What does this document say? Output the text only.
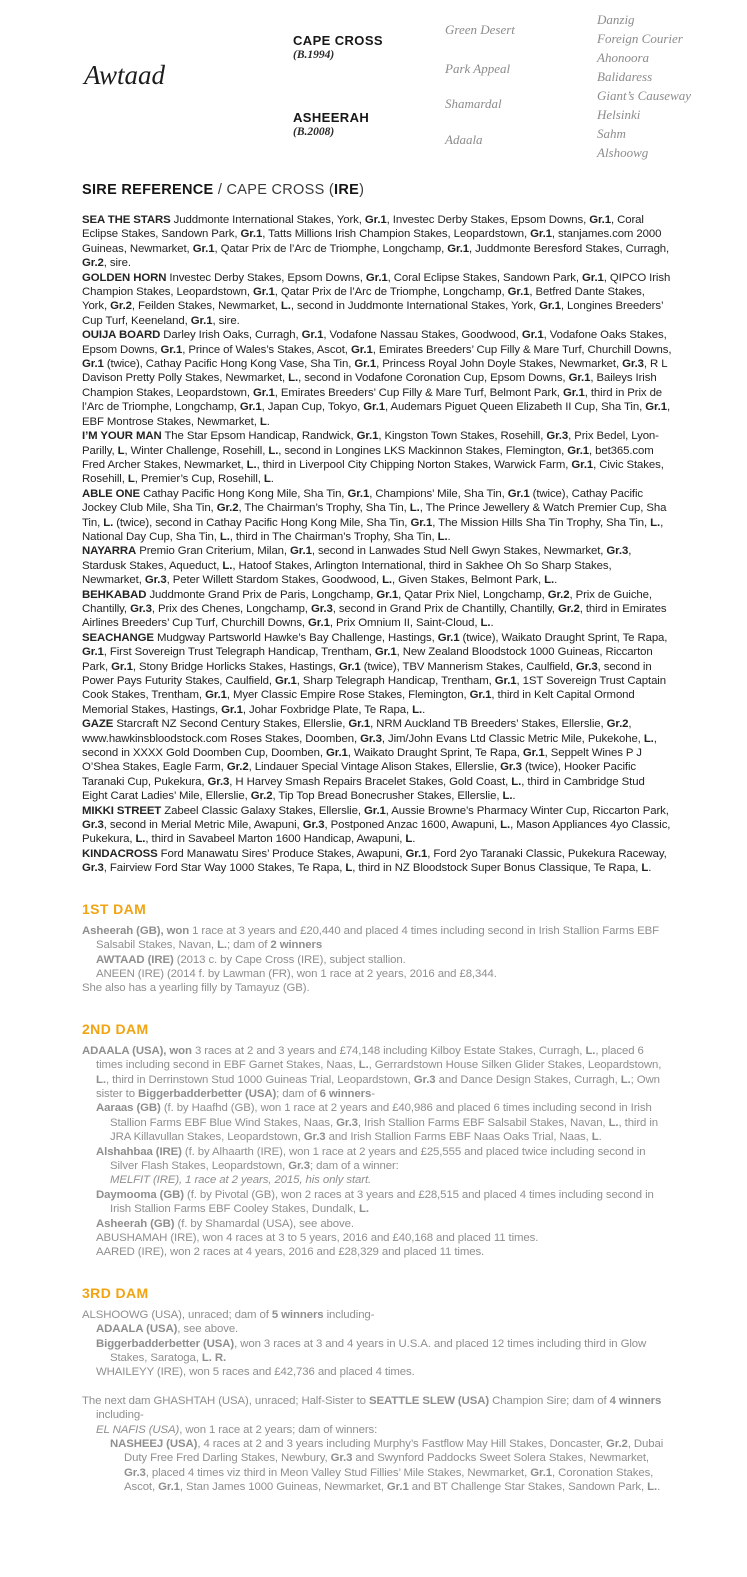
Awtaad
CAPE CROSS
(B.1994)
ASHEERAH
(B.2008)
Green Desert
Park Appeal
Shamardal
Adaala
Danzig
Foreign Courier
Ahonoora
Balidaress
Giant’s Causeway
Helsinki
Sahm
Alshoowg
SIRE REFERENCE / CAPE CROSS (IRE)

SEA THE STARS Juddmonte International Stakes, York, Gr.1, Investec Derby Stakes, Epsom Downs, Gr.1, Coral Eclipse Stakes, Sandown Park, Gr.1, Tatts Millions Irish Champion Stakes, Leopardstown, Gr.1, stanjames.com 2000 Guineas, Newmarket, Gr.1, Qatar Prix de l’Arc de Triomphe, Longchamp, Gr.1, Juddmonte Beresford Stakes, Curragh, Gr.2, sire.

GOLDEN HORN Investec Derby Stakes, Epsom Downs, Gr.1, Coral Eclipse Stakes, Sandown Park, Gr.1, QIPCO Irish Champion Stakes, Leopardstown, Gr.1, Qatar Prix de l’Arc de Triomphe, Longchamp, Gr.1, Betfred Dante Stakes, York, Gr.2, Feilden Stakes, Newmarket, L., second in Juddmonte International Stakes, York, Gr.1, Longines Breeders’ Cup Turf, Keeneland, Gr.1, sire.

OUIJA BOARD Darley Irish Oaks, Curragh, Gr.1, Vodafone Nassau Stakes, Goodwood, Gr.1, Vodafone Oaks Stakes, Epsom Downs, Gr.1, Prince of Wales’s Stakes, Ascot, Gr.1, Emirates Breeders’ Cup Filly & Mare Turf, Churchill Downs, Gr.1 (twice), Cathay Pacific Hong Kong Vase, Sha Tin, Gr.1, Princess Royal John Doyle Stakes, Newmarket, Gr.3, R L Davison Pretty Polly Stakes, Newmarket, L., second in Vodafone Coronation Cup, Epsom Downs, Gr.1, Baileys Irish Champion Stakes, Leopardstown, Gr.1, Emirates Breeders’ Cup Filly & Mare Turf, Belmont Park, Gr.1, third in Prix de l’Arc de Triomphe, Longchamp, Gr.1, Japan Cup, Tokyo, Gr.1, Audemars Piguet Queen Elizabeth II Cup, Sha Tin, Gr.1, EBF Montrose Stakes, Newmarket, L.

I’M YOUR MAN The Star Epsom Handicap, Randwick, Gr.1, Kingston Town Stakes, Rosehill, Gr.3, Prix Bedel, Lyon-Parilly, L, Winter Challenge, Rosehill, L., second in Longines LKS Mackinnon Stakes, Flemington, Gr.1, bet365.com Fred Archer Stakes, Newmarket, L., third in Liverpool City Chipping Norton Stakes, Warwick Farm, Gr.1, Civic Stakes, Rosehill, L, Premier’s Cup, Rosehill, L.

ABLE ONE Cathay Pacific Hong Kong Mile, Sha Tin, Gr.1, Champions’ Mile, Sha Tin, Gr.1 (twice), Cathay Pacific Jockey Club Mile, Sha Tin, Gr.2, The Chairman’s Trophy, Sha Tin, L., The Prince Jewellery & Watch Premier Cup, Sha Tin, L. (twice), second in Cathay Pacific Hong Kong Mile, Sha Tin, Gr.1, The Mission Hills Sha Tin Trophy, Sha Tin, L., National Day Cup, Sha Tin, L., third in The Chairman’s Trophy, Sha Tin, L..

NAYARRA Premio Gran Criterium, Milan, Gr.1, second in Lanwades Stud Nell Gwyn Stakes, Newmarket, Gr.3, Stardusk Stakes, Aqueduct, L., Hatoof Stakes, Arlington International, third in Sakhee Oh So Sharp Stakes, Newmarket, Gr.3, Peter Willett Stardom Stakes, Goodwood, L., Given Stakes, Belmont Park, L..

BEHKABAD Juddmonte Grand Prix de Paris, Longchamp, Gr.1, Qatar Prix Niel, Longchamp, Gr.2, Prix de Guiche, Chantilly, Gr.3, Prix des Chenes, Longchamp, Gr.3, second in Grand Prix de Chantilly, Chantilly, Gr.2, third in Emirates Airlines Breeders’ Cup Turf, Churchill Downs, Gr.1, Prix Omnium II, Saint-Cloud, L..

SEACHANGE Mudgway Partsworld Hawke’s Bay Challenge, Hastings, Gr.1 (twice), Waikato Draught Sprint, Te Rapa, Gr.1, First Sovereign Trust Telegraph Handicap, Trentham, Gr.1, New Zealand Bloodstock 1000 Guineas, Riccarton Park, Gr.1, Stony Bridge Horlicks Stakes, Hastings, Gr.1 (twice), TBV Mannerism Stakes, Caulfield, Gr.3, second in Power Pays Futurity Stakes, Caulfield, Gr.1, Sharp Telegraph Handicap, Trentham, Gr.1, 1ST Sovereign Trust Captain Cook Stakes, Trentham, Gr.1, Myer Classic Empire Rose Stakes, Flemington, Gr.1, third in Kelt Capital Ormond Memorial Stakes, Hastings, Gr.1, Johar Foxbridge Plate, Te Rapa, L..

GAZE Starcraft NZ Second Century Stakes, Ellerslie, Gr.1, NRM Auckland TB Breeders’ Stakes, Ellerslie, Gr.2, www.hawkinsbloodstock.com Roses Stakes, Doomben, Gr.3, Jim/John Evans Ltd Classic Metric Mile, Pukekohe, L., second in XXXX Gold Doomben Cup, Doomben, Gr.1, Waikato Draught Sprint, Te Rapa, Gr.1, Seppelt Wines P J O’Shea Stakes, Eagle Farm, Gr.2, Lindauer Special Vintage Alison Stakes, Ellerslie, Gr.3 (twice), Hooker Pacific Taranaki Cup, Pukekura, Gr.3, H Harvey Smash Repairs Bracelet Stakes, Gold Coast, L., third in Cambridge Stud Eight Carat Ladies’ Mile, Ellerslie, Gr.2, Tip Top Bread Bonecrusher Stakes, Ellerslie, L..

MIKKI STREET Zabeel Classic Galaxy Stakes, Ellerslie, Gr.1, Aussie Browne’s Pharmacy Winter Cup, Riccarton Park, Gr.3, second in Merial Metric Mile, Awapuni, Gr.3, Postponed Anzac 1600, Awapuni, L., Mason Appliances 4yo Classic, Pukekura, L., third in Savabeel Marton 1600 Handicap, Awapuni, L.

KINDACROSS Ford Manawatu Sires’ Produce Stakes, Awapuni, Gr.1, Ford 2yo Taranaki Classic, Pukekura Raceway, Gr.3, Fairview Ford Star Way 1000 Stakes, Te Rapa, L, third in NZ Bloodstock Super Bonus Classique, Te Rapa, L.

1ST DAM

Asheerah (GB), won 1 race at 3 years and £20,440 and placed 4 times including second in Irish Stallion Farms EBF Salsabil Stakes, Navan, L.; dam of 2 winners

AWTAAD (IRE) (2013 c. by Cape Cross (IRE), subject stallion.

ANEEN (IRE) (2014 f. by Lawman (FR), won 1 race at 2 years, 2016 and £8,344.

She also has a yearling filly by Tamayuz (GB).

2ND DAM

ADAALA (USA), won 3 races at 2 and 3 years and £74,148 including Kilboy Estate Stakes, Curragh, L., placed 6 times including second in EBF Garnet Stakes, Naas, L., Gerrardstown House Silken Glider Stakes, Leopardstown, L., third in Derrinstown Stud 1000 Guineas Trial, Leopardstown, Gr.3 and Dance Design Stakes, Curragh, L.; Own sister to Biggerbadderbetter (USA); dam of 6 winners-

Aaraas (GB) (f. by Haafhd (GB), won 1 race at 2 years and £40,986 and placed 6 times including second in Irish Stallion Farms EBF Blue Wind Stakes, Naas, Gr.3, Irish Stallion Farms EBF Salsabil Stakes, Navan, L., third in JRA Killavullan Stakes, Leopardstown, Gr.3 and Irish Stallion Farms EBF Naas Oaks Trial, Naas, L.

Alshahbaa (IRE) (f. by Alhaarth (IRE), won 1 race at 2 years and £25,555 and placed twice including second in Silver Flash Stakes, Leopardstown, Gr.3; dam of a winner:

MELFIT (IRE), 1 race at 2 years, 2015, his only start.

Daymooma (GB) (f. by Pivotal (GB), won 2 races at 3 years and £28,515 and placed 4 times including second in Irish Stallion Farms EBF Cooley Stakes, Dundalk, L.

Asheerah (GB) (f. by Shamardal (USA), see above.

ABUSHAMAH (IRE), won 4 races at 3 to 5 years, 2016 and £40,168 and placed 11 times.

AARED (IRE), won 2 races at 4 years, 2016 and £28,329 and placed 11 times.

3RD DAM

ALSHOOWG (USA), unraced; dam of 5 winners including-

ADAALA (USA), see above.

Biggerbadderbetter (USA), won 3 races at 3 and 4 years in U.S.A. and placed 12 times including third in Glow Stakes, Saratoga, L. R.

WHAILEYY (IRE), won 5 races and £42,736 and placed 4 times.

The next dam GHASHTAH (USA), unraced; Half-Sister to SEATTLE SLEW (USA) Champion Sire; dam of 4 winners including-

EL NAFIS (USA), won 1 race at 2 years; dam of winners:

NASHEEJ (USA), 4 races at 2 and 3 years including Murphy’s Fastflow May Hill Stakes, Doncaster, Gr.2, Dubai Duty Free Fred Darling Stakes, Newbury, Gr.3 and Swynford Paddocks Sweet Solera Stakes, Newmarket, Gr.3, placed 4 times viz third in Meon Valley Stud Fillies’ Mile Stakes, Newmarket, Gr.1, Coronation Stakes, Ascot, Gr.1, Stan James 1000 Guineas, Newmarket, Gr.1 and BT Challenge Star Stakes, Sandown Park, L..
